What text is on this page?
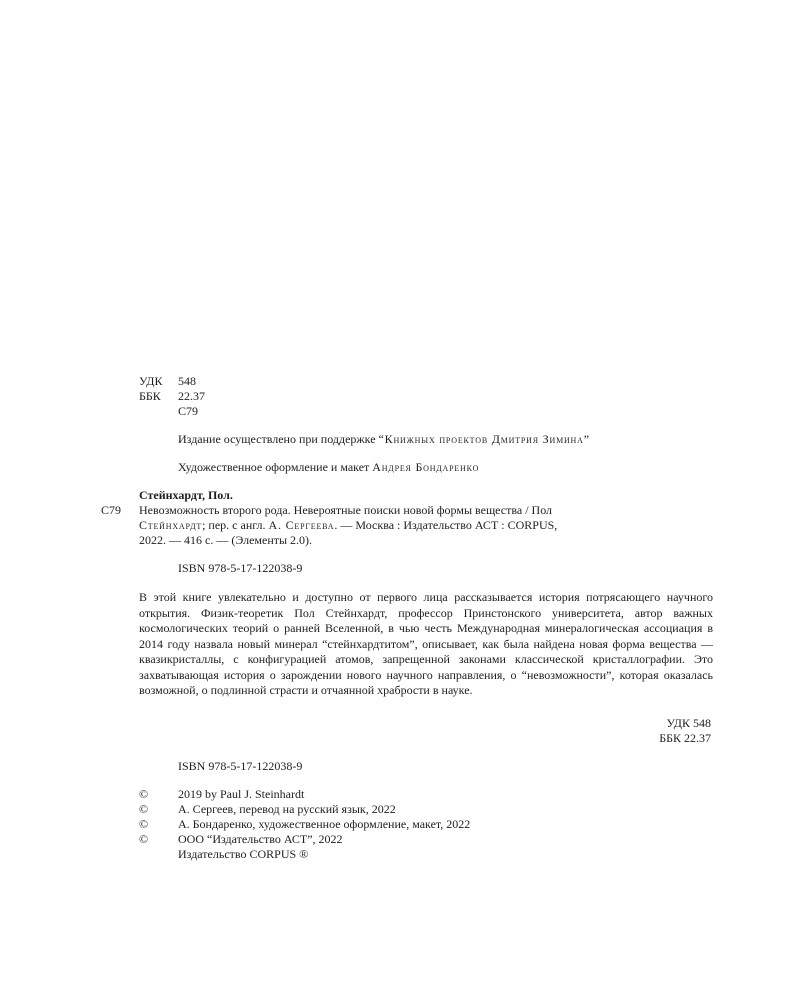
УДК 548
ББК 22.37
С79
Издание осуществлено при поддержке “Книжных проектов Дмитрия Зимина”
Художественное оформление и макет Андрея Бондаренко
Стейнхардт, Пол.
С79 Невозможность второго рода. Невероятные поиски новой формы вещества / Пол
Стейнхардт; пер. с англ. А. Сергеева. — Москва : Издательство АСТ : CORPUS,
2022. — 416 с. — (Элементы 2.0).
ISBN 978-5-17-122038-9
В этой книге увлекательно и доступно от первого лица рассказывается история потрясающего научного открытия. Физик-теоретик Пол Стейнхардт, профессор Принстонского университета, автор важных космологических теорий о ранней Вселенной, в чью честь Международная минералогическая ассоциация в 2014 году назвала новый минерал “стейнхардтитом”, описывает, как была найдена новая форма вещества — квазикристаллы, с конфигурацией атомов, запрещенной законами классической кристаллографии. Это захватывающая история о зарождении нового научного направления, о “невозможности”, которая оказалась возможной, о подлинной страсти и отчаянной храбрости в науке.
УДК 548
ББК 22.37
ISBN 978-5-17-122038-9
© 2019 by Paul J. Steinhardt
© А. Сергеев, перевод на русский язык, 2022
© А. Бондаренко, художественное оформление, макет, 2022
© ООО “Издательство АСТ”, 2022
Издательство CORPUS ®
